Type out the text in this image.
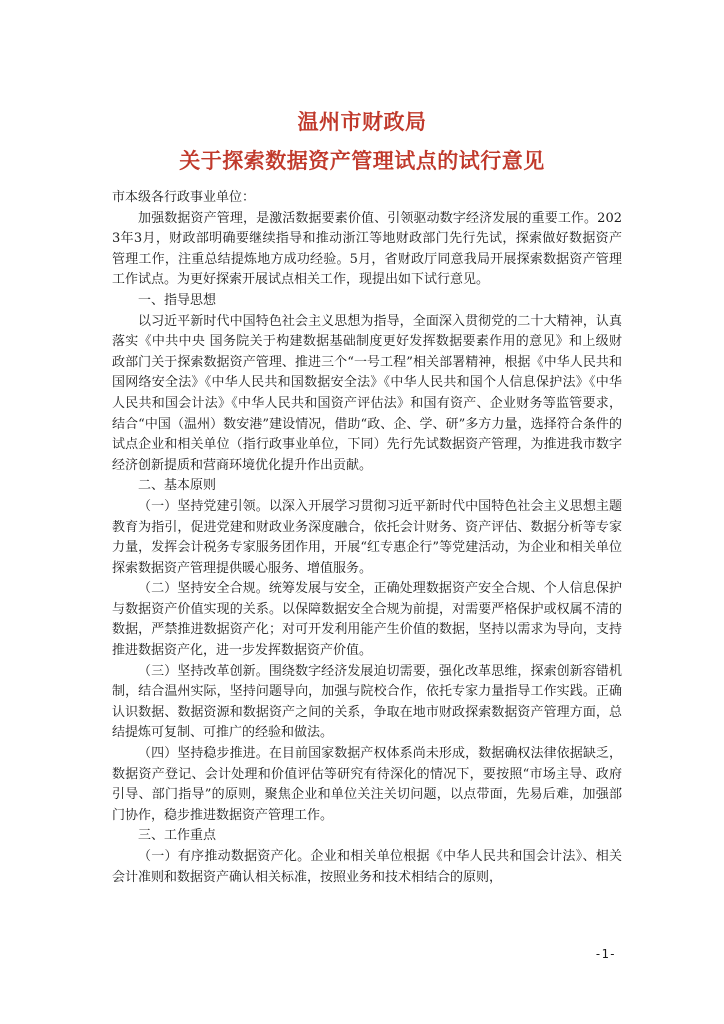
温州市财政局
关于探索数据资产管理试点的试行意见

市本级各行政事业单位：

加强数据资产管理，是激活数据要素价值、引领驱动数字经济发展的重要工作。2023年3月，财政部明确要继续指导和推动浙江等地财政部门先行先试，探索做好数据资产管理工作，注重总结提炼地方成功经验。5月，省财政厅同意我局开展探索数据资产管理工作试点。为更好探索开展试点相关工作，现提出如下试行意见。

一、指导思想

以习近平新时代中国特色社会主义思想为指导，全面深入贯彻党的二十大精神，认真落实《中共中央 国务院关于构建数据基础制度更好发挥数据要素作用的意见》和上级财政部门关于探索数据资产管理、推进三个“一号工程”相关部署精神，根据《中华人民共和国网络安全法》《中华人民共和国数据安全法》《中华人民共和国个人信息保护法》《中华人民共和国会计法》《中华人民共和国资产评估法》和国有资产、企业财务等监管要求，结合“中国（温州）数安港”建设情况，借助“政、企、学、研”多方力量，选择符合条件的试点企业和相关单位（指行政事业单位，下同）先行先试数据资产管理，为推进我市数字经济创新提质和营商环境优化提升作出贡献。

二、基本原则

（一）坚持党建引领。以深入开展学习贯彻习近平新时代中国特色社会主义思想主题教育为指引，促进党建和财政业务深度融合，依托会计财务、资产评估、数据分析等专家力量，发挥会计税务专家服务团作用，开展“红专惠企行”等党建活动，为企业和相关单位探索数据资产管理提供暖心服务、增值服务。

（二）坚持安全合规。统筹发展与安全，正确处理数据资产安全合规、个人信息保护与数据资产价值实现的关系。以保障数据安全合规为前提，对需要严格保护或权属不清的数据，严禁推进数据资产化；对可开发利用能产生价值的数据，坚持以需求为导向，支持推进数据资产化，进一步发挥数据资产价值。

（三）坚持改革创新。围绕数字经济发展迫切需要，强化改革思维，探索创新容错机制，结合温州实际，坚持问题导向，加强与院校合作，依托专家力量指导工作实践。正确认识数据、数据资源和数据资产之间的关系，争取在地市财政探索数据资产管理方面，总结提炼可复制、可推广的经验和做法。

（四）坚持稳步推进。在目前国家数据产权体系尚未形成，数据确权法律依据缺乏，数据资产登记、会计处理和价值评估等研究有待深化的情况下，要按照“市场主导、政府引导、部门指导”的原则，聚焦企业和单位关注关切问题，以点带面，先易后难，加强部门协作，稳步推进数据资产管理工作。

三、工作重点

（一）有序推动数据资产化。企业和相关单位根据《中华人民共和国会计法》、相关会计准则和数据资产确认相关标准，按照业务和技术相结合的原则，

-1-
